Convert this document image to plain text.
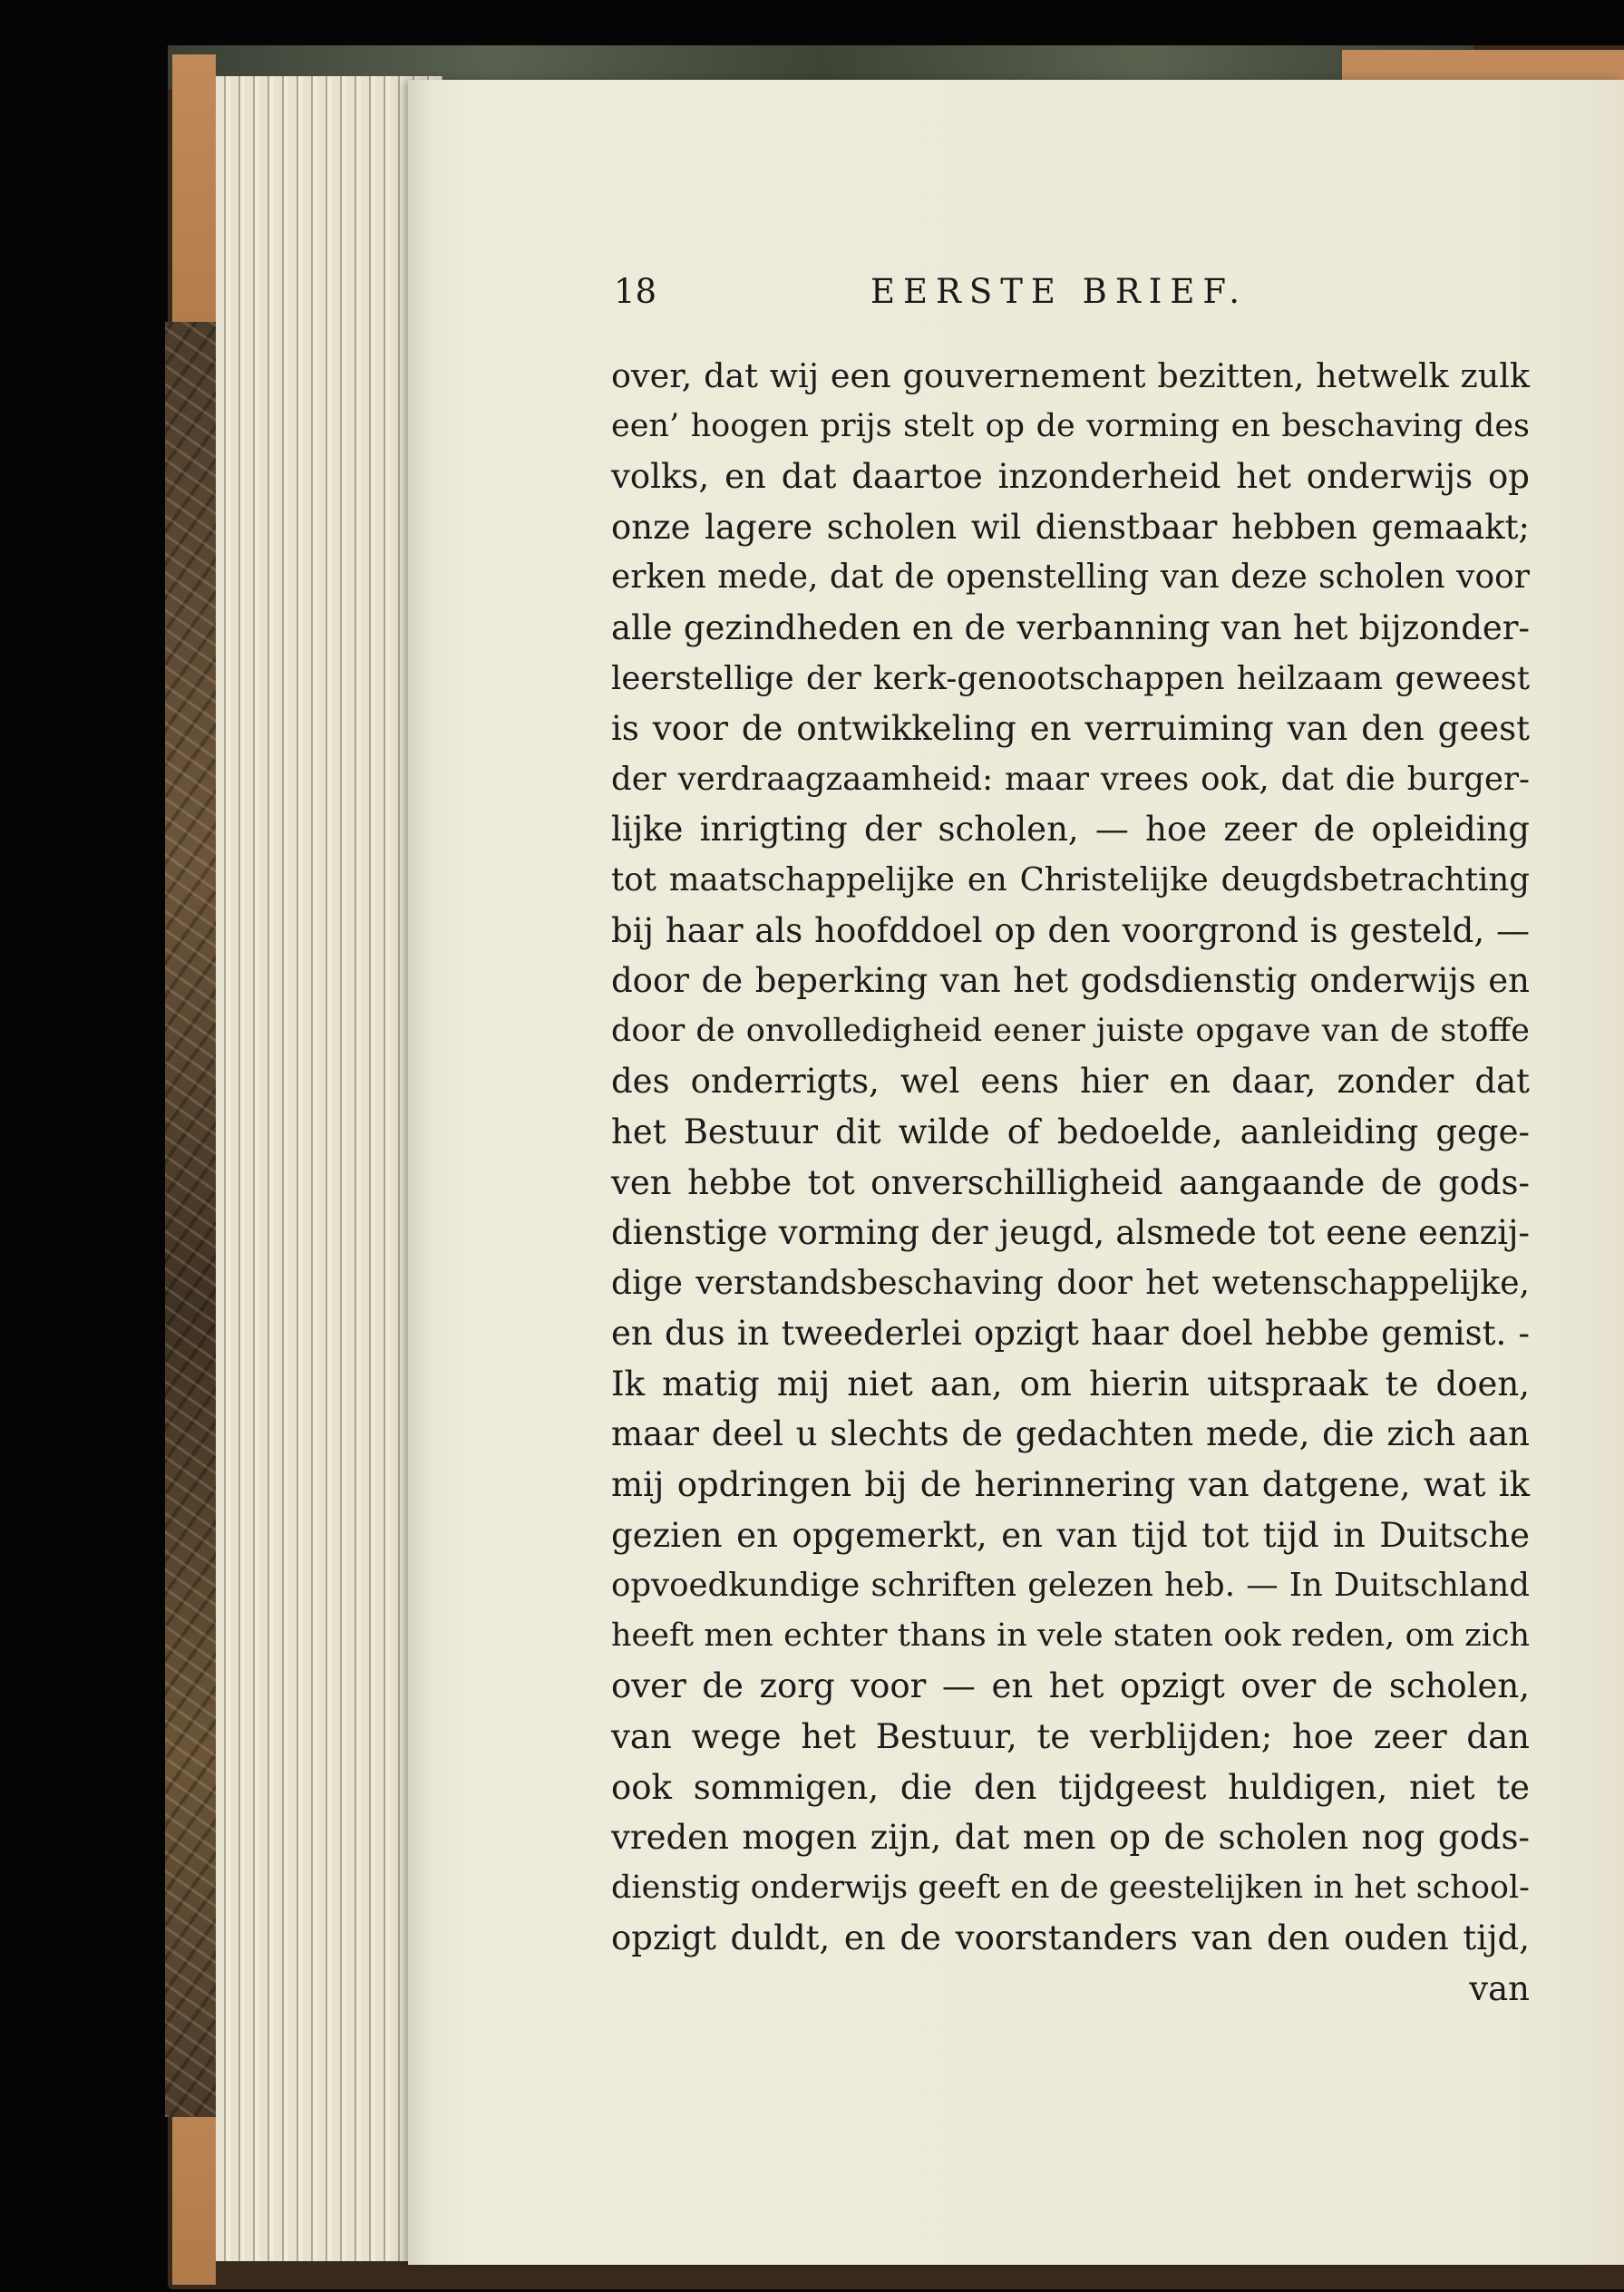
18	EERSTE BRIEF.
over, dat wij een gouvernement bezitten, hetwelk zulk
een’ hoogen prijs stelt op de vorming en beschaving des
volks, en dat daartoe inzonderheid het onderwijs op
onze lagere scholen wil dienstbaar hebben gemaakt;
erken mede, dat de openstelling van deze scholen voor
alle gezindheden en de verbanning van het bijzonder-
leerstellige der kerk-genootschappen heilzaam geweest
is voor de ontwikkeling en verruiming van den geest
der verdraagzaamheid: maar vrees ook, dat die burger-
lijke inrigting der scholen, — hoe zeer de opleiding
tot maatschappelijke en Christelijke deugdsbetrachting
bij haar als hoofddoel op den voorgrond is gesteld, —
door de beperking van het godsdienstig onderwijs en
door de onvolledigheid eener juiste opgave van de stoffe
des onderrigts, wel eens hier en daar, zonder dat
het Bestuur dit wilde of bedoelde, aanleiding gege-
ven hebbe tot onverschilligheid aangaande de gods-
dienstige vorming der jeugd, alsmede tot eene eenzij-
dige verstandsbeschaving door het wetenschappelijke,
en dus in tweederlei opzigt haar doel hebbe gemist. -
Ik matig mij niet aan, om hierin uitspraak te doen,
maar deel u slechts de gedachten mede, die zich aan
mij opdringen bij de herinnering van datgene, wat ik
gezien en opgemerkt, en van tijd tot tijd in Duitsche
opvoedkundige schriften gelezen heb. — In Duitschland
heeft men echter thans in vele staten ook reden, om zich
over de zorg voor — en het opzigt over de scholen,
van wege het Bestuur, te verblijden; hoe zeer dan
ook sommigen, die den tijdgeest huldigen, niet te
vreden mogen zijn, dat men op de scholen nog gods-
dienstig onderwijs geeft en de geestelijken in het school-
opzigt duldt, en de voorstanders van den ouden tijd,
van
